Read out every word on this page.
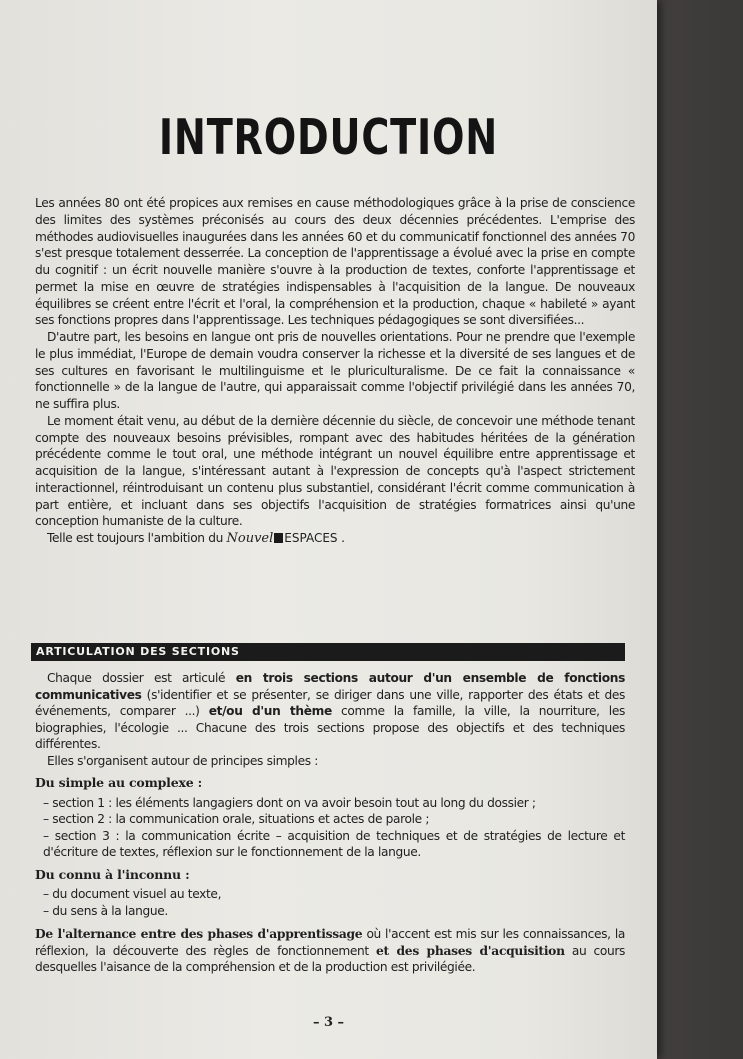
INTRODUCTION

Les années 80 ont été propices aux remises en cause méthodologiques grâce à la prise de conscience des limites des systèmes préconisés au cours des deux décennies précédentes. L'emprise des méthodes audiovisuelles inaugurées dans les années 60 et du communicatif fonctionnel des années 70 s'est presque totalement desserrée. La conception de l'apprentissage a évolué avec la prise en compte du cognitif : un écrit nouvelle manière s'ouvre à la production de textes, conforte l'apprentissage et permet la mise en œuvre de stratégies indispensables à l'acquisition de la langue. De nouveaux équilibres se créent entre l'écrit et l'oral, la compréhension et la production, chaque « habileté » ayant ses fonctions propres dans l'apprentissage. Les techniques pédagogiques se sont diversifiées...

D'autre part, les besoins en langue ont pris de nouvelles orientations. Pour ne prendre que l'exemple le plus immédiat, l'Europe de demain voudra conserver la richesse et la diversité de ses langues et de ses cultures en favorisant le multilinguisme et le pluriculturalisme. De ce fait la connaissance « fonctionnelle » de la langue de l'autre, qui apparaissait comme l'objectif privilégié dans les années 70, ne suffira plus.

Le moment était venu, au début de la dernière décennie du siècle, de concevoir une méthode tenant compte des nouveaux besoins prévisibles, rompant avec des habitudes héritées de la génération précédente comme le tout oral, une méthode intégrant un nouvel équilibre entre apprentissage et acquisition de la langue, s'intéressant autant à l'expression de concepts qu'à l'aspect strictement interactionnel, réintroduisant un contenu plus substantiel, considérant l'écrit comme communication à part entière, et incluant dans ses objectifs l'acquisition de stratégies formatrices ainsi qu'une conception humaniste de la culture.

Telle est toujours l'ambition du Nouvel ESPACES .

ARTICULATION DES SECTIONS

Chaque dossier est articulé en trois sections autour d'un ensemble de fonctions communicatives (s'identifier et se présenter, se diriger dans une ville, rapporter des états et des événements, comparer ...) et/ou d'un thème comme la famille, la ville, la nourriture, les biographies, l'écologie ... Chacune des trois sections propose des objectifs et des techniques différentes.

Elles s'organisent autour de principes simples :

Du simple au complexe :

– section 1 : les éléments langagiers dont on va avoir besoin tout au long du dossier ;
– section 2 : la communication orale, situations et actes de parole ;
– section 3 : la communication écrite – acquisition de techniques et de stratégies de lecture et d'écriture de textes, réflexion sur le fonctionnement de la langue.

Du connu à l'inconnu :

– du document visuel au texte,
– du sens à la langue.

De l'alternance entre des phases d'apprentissage où l'accent est mis sur les connaissances, la réflexion, la découverte des règles de fonctionnement et des phases d'acquisition au cours desquelles l'aisance de la compréhension et de la production est privilégiée.

– 3 –
